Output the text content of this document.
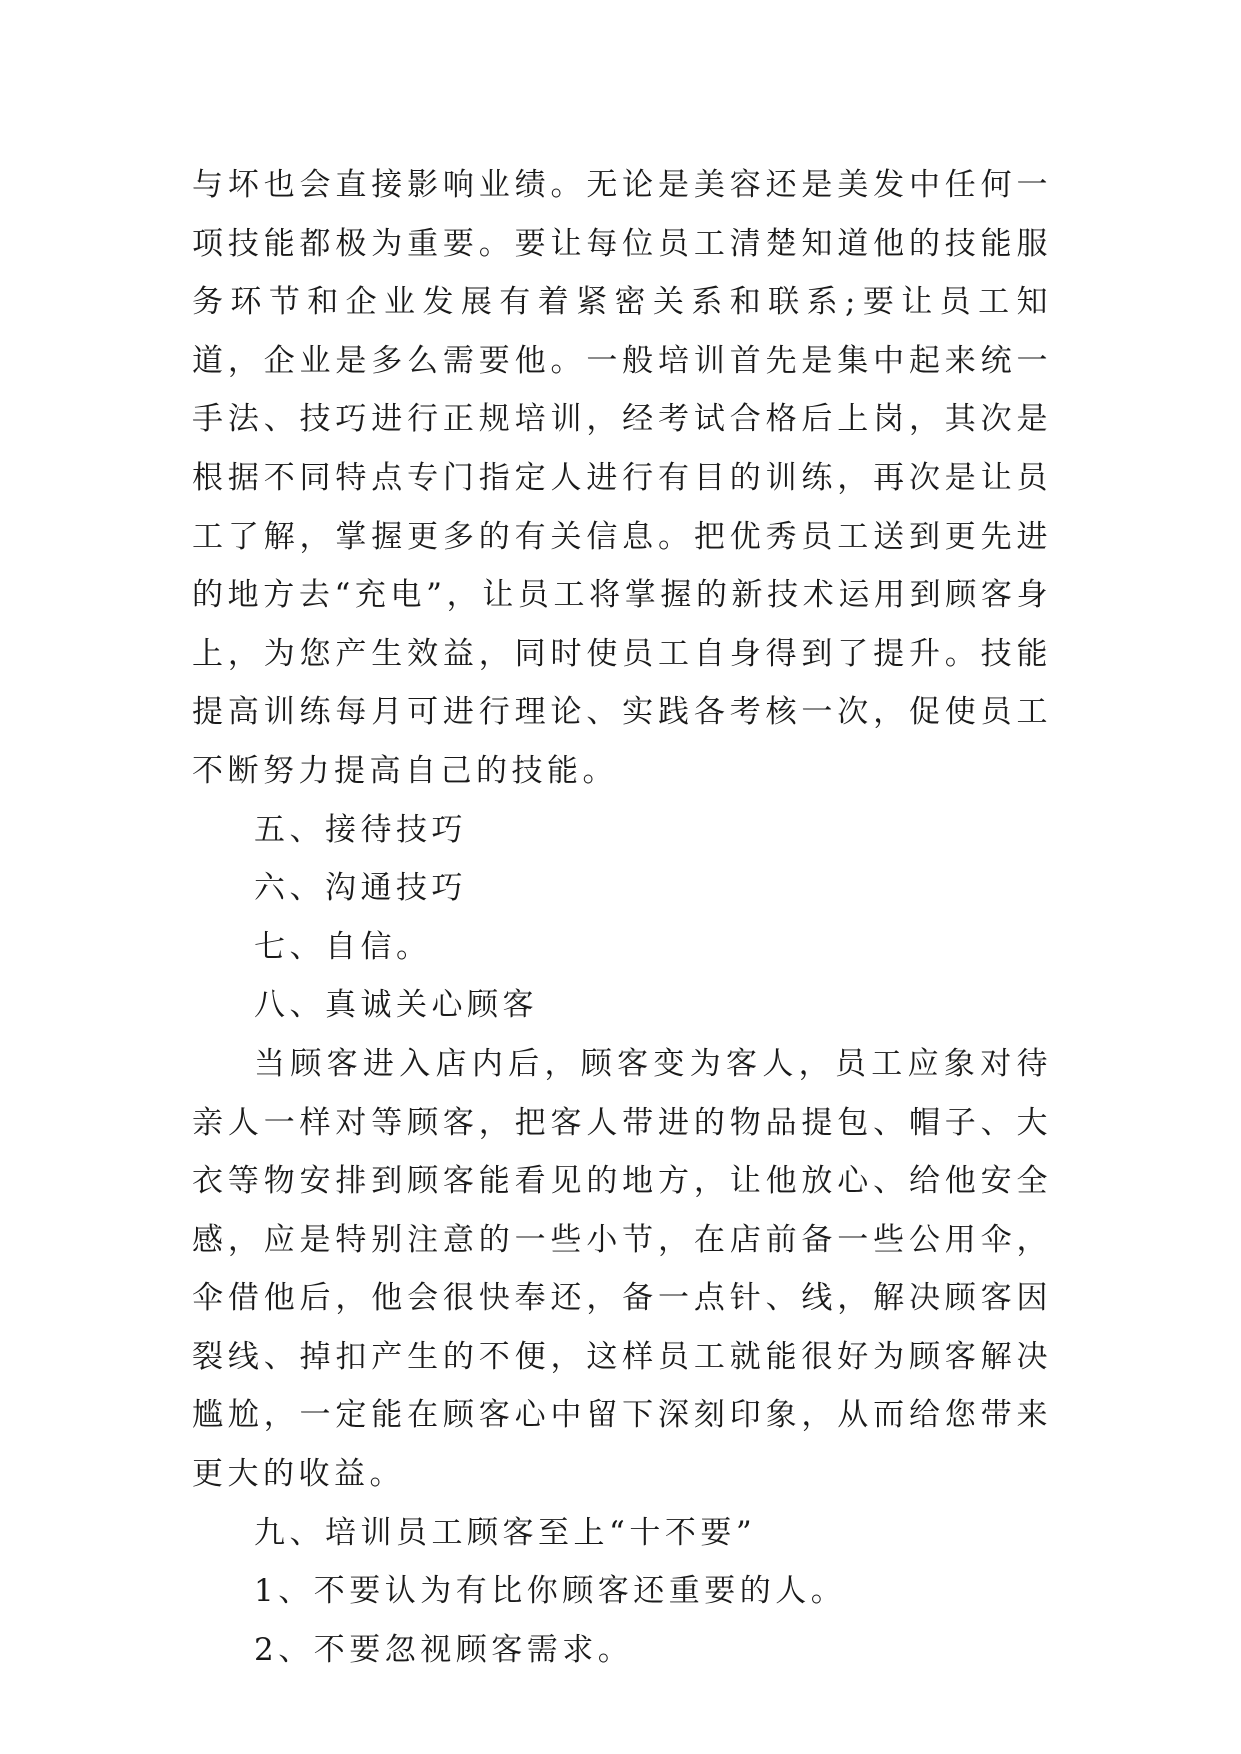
与坏也会直接影响业绩。无论是美容还是美发中任何一项技能都极为重要。要让每位员工清楚知道他的技能服务环节和企业发展有着紧密关系和联系;要让员工知道，企业是多么需要他。一般培训首先是集中起来统一手法、技巧进行正规培训，经考试合格后上岗，其次是根据不同特点专门指定人进行有目的训练，再次是让员工了解，掌握更多的有关信息。把优秀员工送到更先进的地方去“充电”，让员工将掌握的新技术运用到顾客身上，为您产生效益，同时使员工自身得到了提升。技能提高训练每月可进行理论、实践各考核一次，促使员工不断努力提高自己的技能。

五、接待技巧

六、沟通技巧

七、自信。

八、真诚关心顾客

当顾客进入店内后，顾客变为客人，员工应象对待亲人一样对等顾客，把客人带进的物品提包、帽子、大衣等物安排到顾客能看见的地方，让他放心、给他安全感，应是特别注意的一些小节，在店前备一些公用伞，伞借他后，他会很快奉还，备一点针、线，解决顾客因裂线、掉扣产生的不便，这样员工就能很好为顾客解决尴尬，一定能在顾客心中留下深刻印象，从而给您带来更大的收益。

九、培训员工顾客至上“十不要”

1、不要认为有比你顾客还重要的人。

2、不要忽视顾客需求。
